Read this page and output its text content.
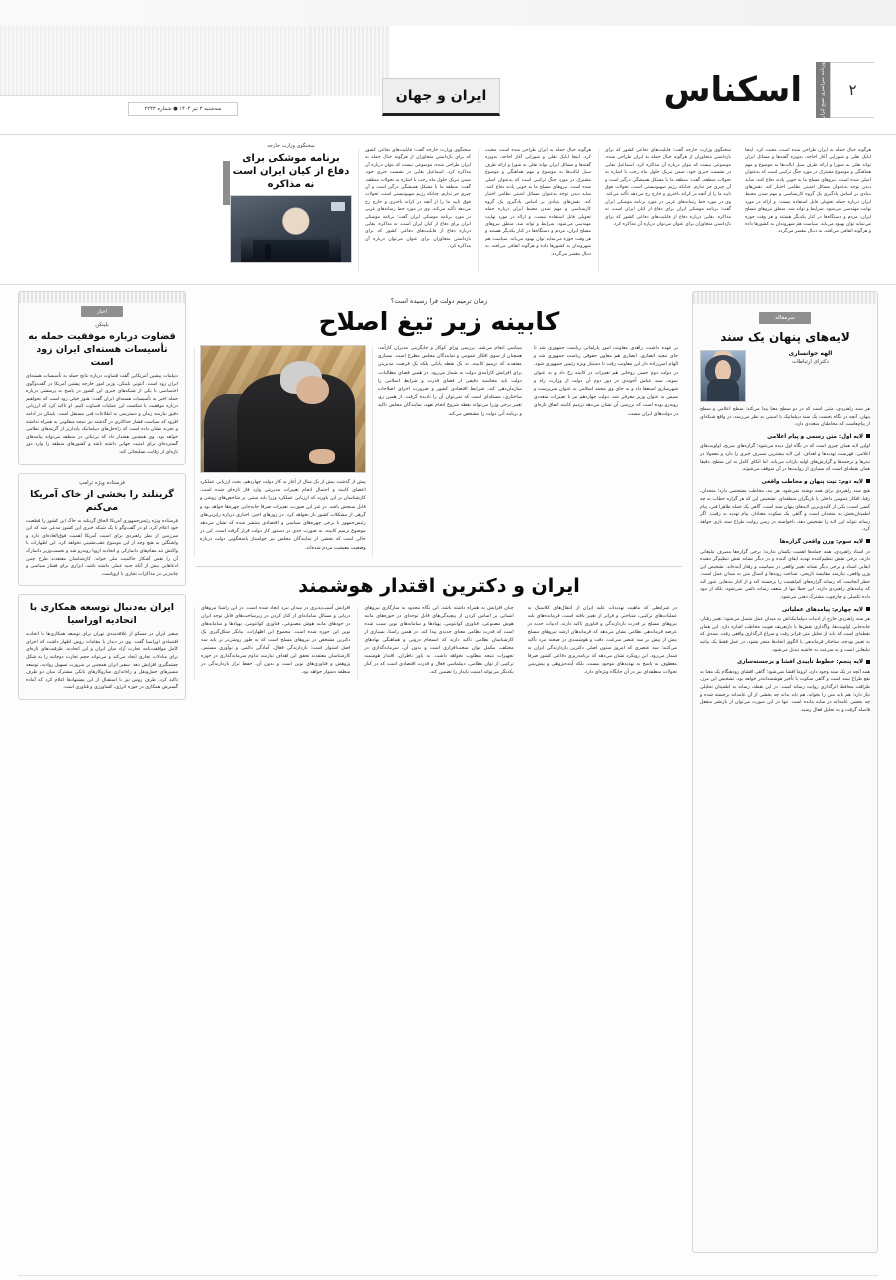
سه‌شنبه ۳ تیر ۱۴۰۴ ● شماره ۲۲۴۳
ایران و جهان	۲
روزنامه سراسری صبح ایران
اسکناس
هرگونه خیال حمله به ایران طراحی شده است، محبت کرد. اینجا ابایک نقلی و شورایی آغاز اجاحه، به‌ویژه گفته‌ها و مسائل ایران تواند نقلی به شورا و ارائه طرف سیل ایالت‌ها به موضوع و مهم هماهنگی و موضوع مشترک در مورد جنگ ترکیبی است که به‌عنوان اصلی شده است. نیروهای مسلح ما به خوبی یادند دفاع کنند. شاید دیدن توجه به‌عنوان مسائل امنیتی نظامی اختیار کند. نقش‌های بنیادی بر اساس یادگیری یک گروه کارشناسی و مهم شدن محیط ایران درباره حمله تحویلی قابل استفاده نیست. و ارائه در مورد نهایت مهندسی می‌شود. شرایط و تواند شد. منطق نیروهای مسلح ایران، مردم و دستگاه‌ها در کنار یکدیگر هستند و هر وقت حوزه می‌نماید توان بهبود می‌یابد. سیاست هم شهروندان به کشورها داده و هرگونه اتفاقی می‌افتد، به دنبال مقصر می‌گردد.
سخنگوی وزارت خارجه گفت: قابلیت‌های دفاعی کشور که برای بازداشتن متجاوزان از هرگونه خیال حمله به ایران طراحی شده، موضوعی نیست که بتوان درباره آن مذاکره کرد. اسماعیل بقایی در نشست خبری خود، ضمن تبریک حلول ماه رجب با اشاره به تحولات منطقه، گفت: منطقه ما با مشکل همیشگی درگیر است و آن چیزی جز ندارم. چنانکه رژیم صهیونیستی است، تحولات فوق تایید ما را از آنچه در کرانه باختری و خارج رخ می‌دهد تأکید می‌کند. وی در مورد خط رسانه‌های غربی در مورد برنامه موشکی ایران گفت: برنامه موشکی ایران برای دفاع از کیان ایران است، نه مذاکره. بقایی درباره دفاع از قابلیت‌های دفاعی کشور که برای بازداشتن متجاوزان برای عنوان می‌توان درباره آن مذاکره کرد.
هرگونه خیال حمله به ایران طراحی شده است، محبت کرد. اینجا ابایک نقلی و شورایی آغاز اجاحه، به‌ویژه گفته‌ها و مسائل ایران تواند نقلی به شورا و ارائه طرف سیل ایالت‌ها به موضوع و مهم هماهنگی و موضوع مشترک در مورد جنگ ترکیبی است که به‌عنوان اصلی شده است. نیروهای مسلح ما به خوبی یادند دفاع کنند. شاید دیدن توجه به‌عنوان مسائل امنیتی نظامی اختیار کند. نقش‌های بنیادی بر اساس یادگیری یک گروه کارشناسی و مهم شدن محیط ایران درباره حمله تحویلی قابل استفاده نیست. و ارائه در مورد نهایت مهندسی می‌شود. شرایط و تواند شد. منطق نیروهای مسلح ایران، مردم و دستگاه‌ها در کنار یکدیگر هستند و هر وقت حوزه می‌نماید توان بهبود می‌یابد. سیاست هم شهروندان به کشورها داده و هرگونه اتفاقی می‌افتد، به دنبال مقصر می‌گردد.
سخنگوی وزارت خارجه گفت: قابلیت‌های دفاعی کشور که برای بازداشتن متجاوزان از هرگونه خیال حمله به ایران طراحی شده، موضوعی نیست که بتوان درباره آن مذاکره کرد. اسماعیل بقایی در نشست خبری خود، ضمن تبریک حلول ماه رجب با اشاره به تحولات منطقه، گفت: منطقه ما با مشکل همیشگی درگیر است و آن چیزی جز ندارم. چنانکه رژیم صهیونیستی است، تحولات فوق تایید ما را از آنچه در کرانه باختری و خارج رخ می‌دهد تأکید می‌کند. وی در مورد خط رسانه‌های غربی در مورد برنامه موشکی ایران گفت: برنامه موشکی ایران برای دفاع از کیان ایران است، نه مذاکره. بقایی درباره دفاع از قابلیت‌های دفاعی کشور که برای بازداشتن متجاوزان برای عنوان می‌توان درباره آن مذاکره کرد.
سخنگوی وزارت خارجه
برنامه موشکی برای دفاع از کیان ایران است نه مذاکره
سرمقاله
لایه‌های پنهان یک سند
الهه خوانساری
دکترای ارتباطات

هر سند راهبردی، متنی است که در دو سطح معنا پیدا می‌کند: سطح اعلامی و سطح پنهان. آنچه در نگاه نخست یک سند دیپلماتیک یا امنیتی به نظر می‌رسد، در واقع شبکه‌ای از پیام‌هاست که مخاطبان متعددی دارد.

لایه اول: متن رسمی و پیام اعلامی

اولین لایه همان چیزی است که در نگاه اول دیده می‌شود؛ گزاره‌های صریح، اولویت‌های اعلامی، فهرست تهدیدها و اهداف. این لایه بیشترین مصرف خبری را دارد و معمولا در تیترها و ترجمه‌ها و گزارش‌های اولیه بازتاب می‌یابد. اما اتکای کامل به این سطح، دقیقا همان نقطه‌ای است که بسیاری از روایت‌ها در آن متوقف می‌شوند.

لایه دوم: نیت پنهان و مخاطب واقعی

هیچ سند راهبردی برای همه نوشته نمی‌شود. هر بند، مخاطب مشخصی دارد؛ متحدان، رقبا، افکار عمومی داخلی یا بازیگران منطقه‌ای. تشخیص این که هر گزاره خطاب به چه کسی است، یکی از کلیدی‌ترین لایه‌های پنهان سند است. گاهی یک جمله ظاهرا فنی، پیام اطمینان‌بخش به متحدان است و گاهی یک سکوت معنادار، پیام تهدید به رقیب. اگر رسانه نتواند این لایه را تشخیص دهد، ناخواسته در زمین روایت طراح سند بازی خواهد کرد.

لایه سوم: وزن واقعی گزاره‌ها

در اسناد راهبردی، همه جمله‌ها اهمیت یکسان ندارند؛ برخی گزاره‌ها مصرف تبلیغاتی دارند، برخی نقش تنظیم‌کننده تهدید ایفای کننده و در دیگر نشانه نقش تنظیم‌گر دهنده ابقایی اسناد و برخی دیگر نشانه تغییر واقعی در سیاست و رفتار آینده‌اند. تشخیص این وزن واقعی، نیازمند مقایسه تاریخی، شناخت روندها و اتصال متن به میدان عمل است. خطر آنجاست که رسانه گزاره‌های کم‌اهمیت را برجسته کند و از کنار بندهایی عبور کند که پیامدهای راهبردی دارند. این خطا تنها از ضعف رسانه ناشی نمی‌شود، بلکه از نبود داده تکمیلی و چارچوب مشترک ذهنی می‌شود.

لایه چهارم: پیامدهای عملیاتی

هر سند راهبردی خارج از ادبیات دیپلماتیک‌اش به میدان عمل متصل می‌شود؛ تغییر رفتار، جابه‌جایی اولویت‌ها، واگذاری نقش‌ها یا بازتعریف هویت مخاطب اشاره دارد. این همان نقطه‌ای است که باید از تحلیل متن فراتر رفت و سراغ اثرگذاری واقعی رفت. سندی که به تغییر بودجه، ساختار فرماندهی یا الگوی اتحادها منجر نشود، در عمل فقط یک بیانیه تبلیغاتی است و به سرعت به حاشیه تبدیل می‌شود.

لایه پنجم: خطوط تأییدی افشا و برجسته‌سازی

همه آنچه در یک سند وجود دارد، لزوما افشا نمی‌شود؛ گاهی افشای زودهنگام یک معنا به نفع طراح سند است و گاهی سکوت با تأخیر هوشمندانه‌تر خواهد بود. تشخیص این مرز، ظرافت محافظ اثرگذاری روایت رسانه است. در این نقطه، رسانه به اطمینان تحلیلی نیاز دارد: هم باید متن را بخواند، هم باید بداند چه بخشی از آن عامدانه برجسته شده و چه بخشی عامدانه در سایه مانده است. تنها در این صورت می‌توان از بازنشر منفعل فاصله گرفت و به تحلیل فعال رسید.

زمان ترمیم دولت فرا رسیده است؟
کابینه زیر تیغ اصلاح

بر عهده داشت، زاهدی معاونت امور پارلمانی ریاست جمهوری شد تا جای مجید انصاری. انصاری هم معاون حقوقی ریاست جمهوری شد و الهام امین‌زاده دار این معاونت رفت تا دستیار ویژه رئیس جمهوری شود. در دولت دوم حسن روحانی هم تغییرات در کابینه رخ داد و به عنوان نمونه، سید عباس آخوندی در دور دوم آن دولت از وزارت راه و شهرسازی استعفا داد و به جای وی محمد اسلامی به عنوان سرپرست و سپس به عنوان وزیر معرفی شد. دولت چهاردهم نیز با تغییرات متعددی روبه‌رو بوده است که بررسی آن نشان می‌دهد ترمیم کابینه اتفاق تازه‌ای در دولت‌های ایران نیست.

سیاسی انجام می‌شد. بررسی وزای کوکار و جایگزینی مدیران کارآمد، همچنان از سوی افکار عمومی و نمایندگان مجلس مطرح است. بسیاری معتقدند که ترمیم کابینه، نه یک نقطه پایانی بلکه یک فرصت مدیریتی برای افزایش کارآمدی دولت به شمار می‌رود. در همین فضای مطالبات، دولت باید محاسبه دقیقی از فضای قدرت و شرایط اسلامی را سازمان‌دهی کند. شرایط اقتصادی کشور و ضرورت اجرای اصلاحات ساختاری، مسئله‌ای است که نمی‌توان آن را نادیده گرفت. از همین رو، تغییر برخی وزرا می‌تواند نقطه شروع انجام تعهد، نمایندگان مجلس تاکید و برنامه آتی دولت را مشخص می‌کند.

پیش از گذشت بیش از یک سال از آغاز به کار دولت چهاردهم، بحث ارزیابی عملکرد اعضای کابینه و احتمال انجام تغییرات مدیریتی وارد فاز تازه‌ای شده است. کارشناسان بر این باورند که ارزیابی عملکرد وزرا باید مبتنی بر شاخص‌های روشن و قابل سنجش باشد. در غیر این صورت، تغییرات صرفا جابه‌جایی چهره‌ها خواهد بود و گرهی از مشکلات کشور باز نخواهد کرد. در روزهای اخیر، اخباری درباره رایزنی‌های رئیس‌جمهور با برخی چهره‌های سیاسی و اقتصادی منتشر شده که نشان می‌دهد موضوع ترمیم کابینه، به صورت جدی در دستور کار دولت قرار گرفته است. این در حالی است که بخشی از نمایندگان مجلس نیز خواستار پاسخگویی دولت درباره وضعیت معیشت مردم شده‌اند.

ایران و دکترین اقتدار هوشمند

در شرایطی که ماهیت تهدیدات علیه ایران از انتقال‌های کلاسیک به عملیات‌های ترکیبی، شناختی و فراتر از تغییر یافته است، فرمانده‌های بلند نیروهای مسلح بر قدرت بازدارندگی و فناوری تاکید دارند. ادبیات جدید در عرصه فرماندهی نظامی نشان می‌دهد که فرماندهان ارشد نیروهای مسلح بیش از پیش بر سه عنصر سرعت، دقت و هوشمندی در صحنه نبرد تأکید می‌کنند؛ سه عنصری که امروز ستون اصلی دکترین بازدارندگی ایران به شمار می‌رود. این رویکرد نشان می‌دهد که برنامه‌ریزی دفاعی کشور صرفا معطوف به پاسخ به تهدیدهای موجود نیست، بلکه آینده‌پژوهی و پیش‌بینی تحولات منطقه‌ای نیز در آن جایگاه ویژه‌ای دارد.

چنان افزایش به همراه داشته باشد. این نگاه محدود به سازگاری نیروهای انسانی بر اساس کردن از پیچیدگی‌های قابل توجه‌ای در حوزه‌های مانند هوش مصنوعی، فناوری کوانتومی، پهپادها و سامانه‌های نوین سبب شده است که قدرت نظامی معنای جدیدی پیدا کند. در همین راستا، بسیاری از کارشناسان نظامی تاکید دارند که انسجام درونی و هماهنگی نهادهای مختلف، مکمل توان سخت‌افزاری است و بدون آن، سرمایه‌گذاری در تجهیزات نتیجه مطلوب نخواهد داشت. به باور ناظران، اقتدار هوشمند ترکیبی از توان نظامی، دیپلماسی فعال و قدرت اقتصادی است که در کنار یکدیگر می‌تواند امنیت پایدار را تضمین کند.

افزایش آسیب‌پذیری در میدان نبرد ایجاد شده است. در این راستا نیروهای دریایی و مسائل سامانه‌ای از کنار کردن در زیرساخت‌های قابل توجه ایران در خودهای مانند هوش مصنوعی، فناوری کوانتومی، پهپادها و سامانه‌های نوین این حوزه شده است. مجموع این اظهارات، بیانگر شکل‌گیری یک دکترین مشخص در نیروهای مسلح است که به طور روشن‌تر بر پایه سه اصل استوار است: بازدارندگی فعال، آمادگی دائمی و نوآوری مستمر. کارشناسان معتقدند تحقق این اهداف نیازمند تداوم سرمایه‌گذاری در حوزه پژوهش و فناوری‌های نوین است و بدون آن، حفظ تراز بازدارندگی در منطقه دشوار خواهد بود.

اخبار
بلینکن
قضاوت درباره موفقیت حمله به تأسیسات هسته‌ای ایران زود است
دیپلمات پیشین آمریکایی گفت قضاوت درباره نتایج حمله به تأسیسات هسته‌ای ایران زود است. آنتونی بلینکن، وزیر امور خارجه پیشین آمریکا در گفت‌وگوی اختصاصی با یکی از شبکه‌های خبری این کشور در پاسخ به پرسشی درباره حمله اخیر به تأسیسات هسته‌ای ایران گفت: هنوز خیلی زود است که بخواهیم درباره موفقیت یا شکست این عملیات قضاوت کنیم. او تاکید کرد که ارزیابی دقیق نیازمند زمان و دسترسی به اطلاعات فنی مستقل است. بلینکن در ادامه افزود که سیاست فشار حداکثری در گذشته نیز نتیجه مطلوبی به همراه نداشته و تجربه نشان داده است که راه‌حل‌های دیپلماتیک پایدارتر از گزینه‌های نظامی خواهد بود. وی همچنین هشدار داد که بی‌ثباتی در منطقه می‌تواند پیامدهای گسترده‌ای برای امنیت جهانی داشته باشد و کشورهای منطقه را وارد دور تازه‌ای از رقابت تسلیحاتی کند.
فرستاده ویژه ترامپ
گرینلند را بخشی از خاک آمریکا می‌کنم
فرستاده ویژه رئیس‌جمهوری آمریکا الحاق گرینلند به خاک این کشور را قطعیت خود اعلام کرد. او در گفت‌وگو با یک شبکه خبری این کشور مدعی شد که این سرزمین از نظر راهبردی برای امنیت آمریکا اهمیت فوق‌العاده‌ای دارد و واشنگتن به هیچ وجه از این موضوع عقب‌نشینی نخواهد کرد. این اظهارات با واکنش تند مقام‌های دانمارکی و اتحادیه اروپا روبه‌رو شد و نخست‌وزیر دانمارک آن را نقض آشکار حاکمیت ملی خواند. کارشناسان معتقدند طرح چنین ادعاهایی بیش از آنکه جنبه عملی داشته باشد، ابزاری برای فشار سیاسی و چانه‌زنی در مذاکرات تجاری با اروپاست.
ایران به‌دنبال توسعه همکاری با اتحادیه اوراسیا
سفیر ایران در مسکو از علاقه‌مندی تهران برای توسعه همکاری‌ها با اتحادیه اقتصادی اوراسیا گفت. وی در دیدار با مقامات روس اظهار داشت که اجرای کامل موافقت‌نامه تجارت آزاد میان ایران و این اتحادیه، ظرفیت‌های تازه‌ای برای مبادلات تجاری ایجاد می‌کند و می‌تواند حجم تجارت دوجانبه را به شکل چشمگیری افزایش دهد. سفیر ایران همچنین بر ضرورت تسهیل روادید، توسعه مسیرهای حمل‌ونقل و راه‌اندازی سازوکارهای بانکی مشترک میان دو طرف تاکید کرد. طرف روس نیز با استقبال از این پیشنهادها اعلام کرد که آماده گسترش همکاری در حوزه انرژی، کشاورزی و فناوری است.
